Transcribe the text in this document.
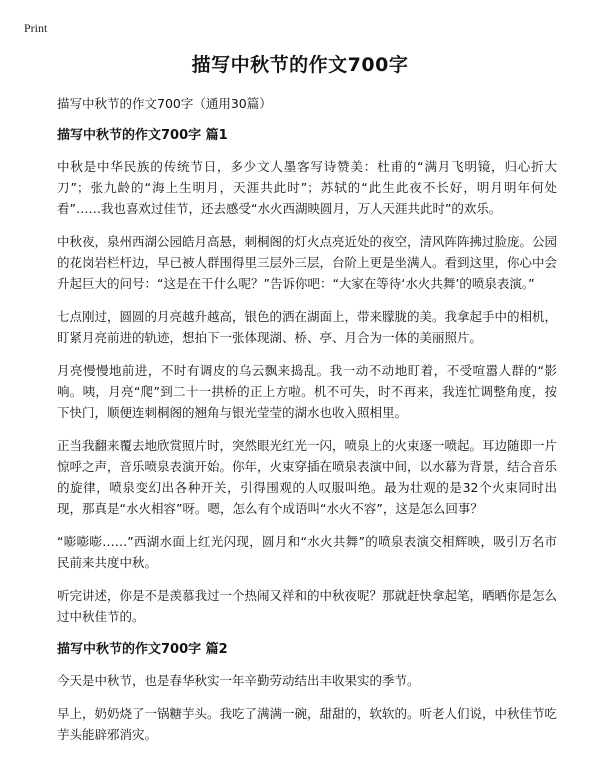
Print
描写中秋节的作文700字

描写中秋节的作文700字（通用30篇）

描写中秋节的作文700字 篇1

中秋是中华民族的传统节日，多少文人墨客写诗赞美：杜甫的“满月飞明镜，归心折大刀”；张九龄的“海上生明月，天涯共此时”；苏轼的“此生此夜不长好，明月明年何处看”……我也喜欢过佳节，还去感受“水火西湖映圆月，万人天涯共此时”的欢乐。

中秋夜，泉州西湖公园皓月高悬，刺桐阁的灯火点亮近处的夜空，清风阵阵拂过脸庞。公园的花岗岩栏杆边，早已被人群围得里三层外三层，台阶上更是坐满人。看到这里，你心中会升起巨大的问号：“这是在干什么呢？”告诉你吧：“大家在等待‘水火共舞’的喷泉表演。”

七点刚过，圆圆的月亮越升越高，银色的洒在湖面上，带来朦胧的美。我拿起手中的相机，盯紧月亮前进的轨迹，想拍下一张体现湖、桥、亭、月合为一体的美丽照片。

月亮慢慢地前进，不时有调皮的乌云飘来捣乱。我一动不动地盯着，不受喧嚣人群的“影响。咦，月亮“爬”到二十一拱桥的正上方啦。机不可失，时不再来，我连忙调整角度，按下快门，顺便连刺桐阁的翘角与银光莹莹的湖水也收入照相里。

正当我翻来覆去地欣赏照片时，突然眼光红光一闪，喷泉上的火束逐一喷起。耳边随即一片惊呼之声，音乐喷泉表演开始。你年，火束穿插在喷泉表演中间，以水幕为背景，结合音乐的旋律，喷泉变幻出各种开关，引得围观的人叹服叫绝。最为壮观的是32个火束同时出现，那真是“水火相容”呀。嗯，怎么有个成语叫“水火不容”，这是怎么回事？

“嘭嘭嘭……”西湖水面上红光闪现，圆月和“水火共舞”的喷泉表演交相辉映，吸引万名市民前来共度中秋。

听完讲述，你是不是羡慕我过一个热闹又祥和的中秋夜呢？那就赶快拿起笔，晒晒你是怎么过中秋佳节的。

描写中秋节的作文700字 篇2

今天是中秋节，也是春华秋实一年辛勤劳动结出丰收果实的季节。

早上，奶奶烧了一锅糖芋头。我吃了满满一碗，甜甜的，软软的。听老人们说，中秋佳节吃芋头能辟邪消灾。
